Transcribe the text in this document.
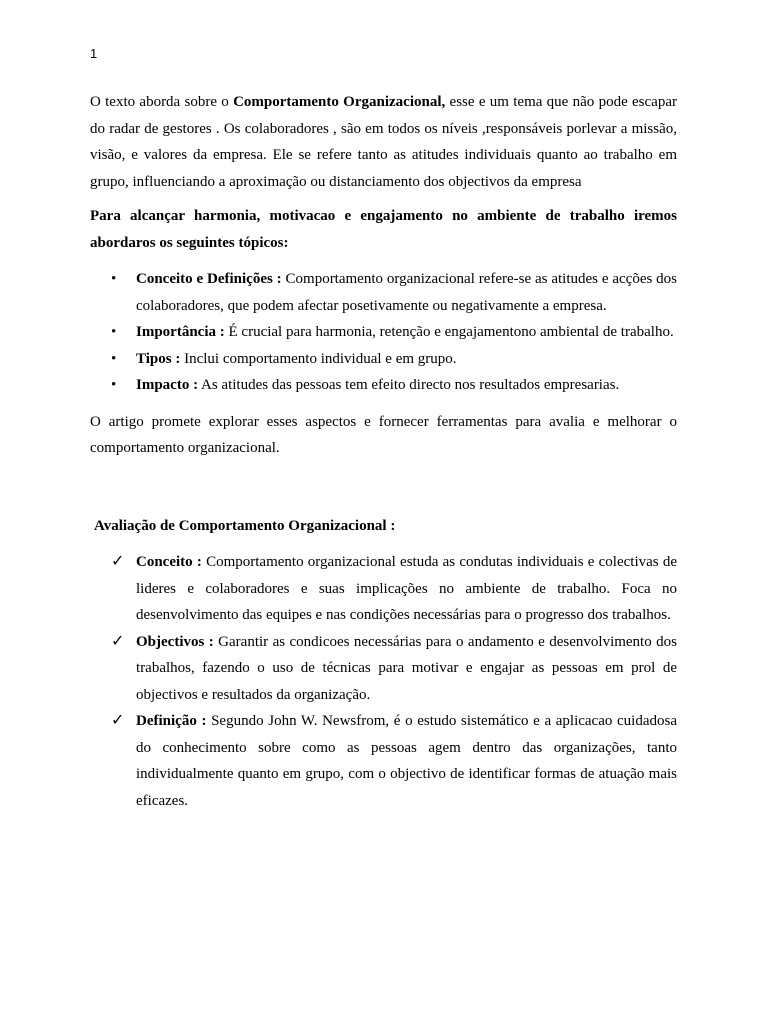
1

O texto aborda sobre o Comportamento Organizacional, esse e um tema que não pode escapar do radar de gestores . Os colaboradores , são em todos os níveis ,responsáveis porlevar a missão, visão, e valores da empresa. Ele se refere tanto as atitudes individuais quanto ao trabalho em grupo, influenciando a aproximação ou distanciamento dos objectivos da empresa

Para alcançar harmonia, motivacao e engajamento no ambiente de trabalho iremos abordaros os seguintes tópicos:

• Conceito e Definições : Comportamento organizacional refere-se as atitudes e acções dos colaboradores, que podem afectar posetivamente ou negativamente a empresa.
• Importância : É crucial para harmonia, retenção e engajamentono ambiental de trabalho.
• Tipos : Inclui comportamento individual e em grupo.
• Impacto : As atitudes das pessoas tem efeito directo nos resultados empresarias.

O artigo promete explorar esses aspectos e fornecer ferramentas para avalia e melhorar o comportamento organizacional.

Avaliação de Comportamento Organizacional :

✓ Conceito : Comportamento organizacional estuda as condutas individuais e colectivas de lideres e colaboradores e suas implicações no ambiente de trabalho. Foca no desenvolvimento das equipes e nas condições necessárias para o progresso dos trabalhos.
✓ Objectivos : Garantir as condicoes necessárias para o andamento e desenvolvimento dos trabalhos, fazendo o uso de técnicas para motivar e engajar as pessoas em prol de objectivos e resultados da organização.
✓ Definição : Segundo John W. Newsfrom, é o estudo sistemático e a aplicacao cuidadosa do conhecimento sobre como as pessoas agem dentro das organizações, tanto individualmente quanto em grupo, com o objectivo de identificar formas de atuação mais eficazes.
